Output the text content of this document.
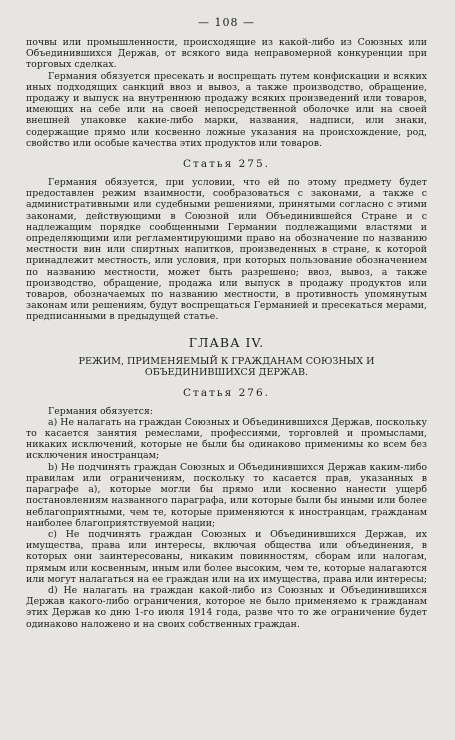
— 108 —

почвы или промышленности, происходящие из какой-либо из Союзных или Объединившихся Держав, от всякого вида неправомерной конкуренции при торговых сделках.

Германия обязуется пресекать и воспрещать путем конфискации и всяких иных подходящих санкций ввоз и вывоз, а также производство, обращение, продажу и выпуск на внутреннюю продажу всяких произведений или товаров, имеющих на себе или на своей непосредственной оболочке или на своей внешней упаковке какие-либо марки, названия, надписи, или знаки, содержащие прямо или косвенно ложные указания на происхождение, род, свойство или особые качества этих продуктов или товаров.

Статья 275.

Германия обязуется, при условии, что ей по этому предмету будет предоставлен режим взаимности, сообразоваться с законами, а также с административными или судебными решениями, принятыми согласно с этими законами, действующими в Союзной или Объединившейся Стране и с надлежащим порядке сообщенными Германии подлежащими властями и определяющими или регламентирующими право на обозначение по названию местности вин или спиртных напитков, произведенных в стране, к которой принадлежит местность, или условия, при которых пользование обозначением по названию местности, может быть разрешено; ввоз, вывоз, а также производство, обращение, продажа или выпуск в продажу продуктов или товаров, обозначаемых по названию местности, в противность упомянутым законам или решениям, будут воспрещаться Германией и пресекаться мерами, предписанными в предыдущей статье.

ГЛАВА IV.
РЕЖИМ, ПРИМЕНЯЕМЫЙ К ГРАЖДАНАМ СОЮЗНЫХ И ОБЪЕДИНИВШИХСЯ ДЕРЖАВ.
Статья 276.

Германия обязуется:

a) Не налагать на граждан Союзных и Объединившихся Держав, поскольку то касается занятия ремеслами, профессиями, торговлей и промыслами, никаких исключений, которые не были бы одинаково применимы ко всем без исключения иностранцам;

b) Не подчинять граждан Союзных и Объединившихся Держав каким-либо правилам или ограничениям, поскольку то касается прав, указанных в параграфе a), которые могли бы прямо или косвенно нанести ущерб постановлениям названного параграфа, или которые были бы иными или более неблагоприятными, чем те, которые применяются к иностранцам, гражданам наиболее благоприятствуемой нации;

c) Не подчинять граждан Союзных и Объединившихся Держав, их имущества, права или интересы, включая общества или объединения, в которых они заинтересованы, никаким повинностям, сборам или налогам, прямым или косвенным, иным или более высоким, чем те, которые налагаются или могут налагаться на ее граждан или на их имущества, права или интересы;

d) Не налагать на граждан какой-либо из Союзных и Объединившихся Держав какого-либо ограничения, которое не было применяемо к гражданам этих Держав ко дню 1-го июля 1914 года, разве что то же ограничение будет одинаково наложено и на своих собственных граждан.
